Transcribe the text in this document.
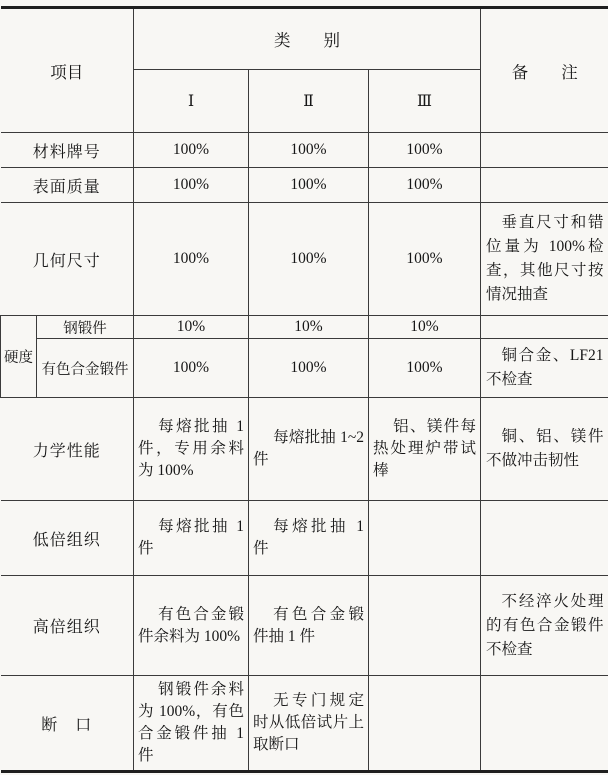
项目		类　　别			备　　注
		Ⅰ	Ⅱ	Ⅲ	
材料牌号		100%	100%	100%	
表面质量		100%	100%	100%	
几何尺寸		100%	100%	100%	垂直尺寸和错位量为 100%检查，其他尺寸按情况抽查
硬度	钢锻件	10%	10%	10%	
	有色合金锻件	100%	100%	100%	铜合金、LF21 不检查
力学性能		每熔批抽 1 件，专用余料为 100%	每熔批抽 1~2 件	铝、镁件每热处理炉带试棒	铜、铝、镁件不做冲击韧性
低倍组织		每熔批抽 1 件	每熔批抽 1 件		
高倍组织		有色合金锻件余料为 100%	有色合金锻件抽 1 件		不经淬火处理的有色合金锻件不检查
断　口		钢锻件余料为 100%，有色合金锻件抽 1 件	无专门规定时从低倍试片上取断口		
